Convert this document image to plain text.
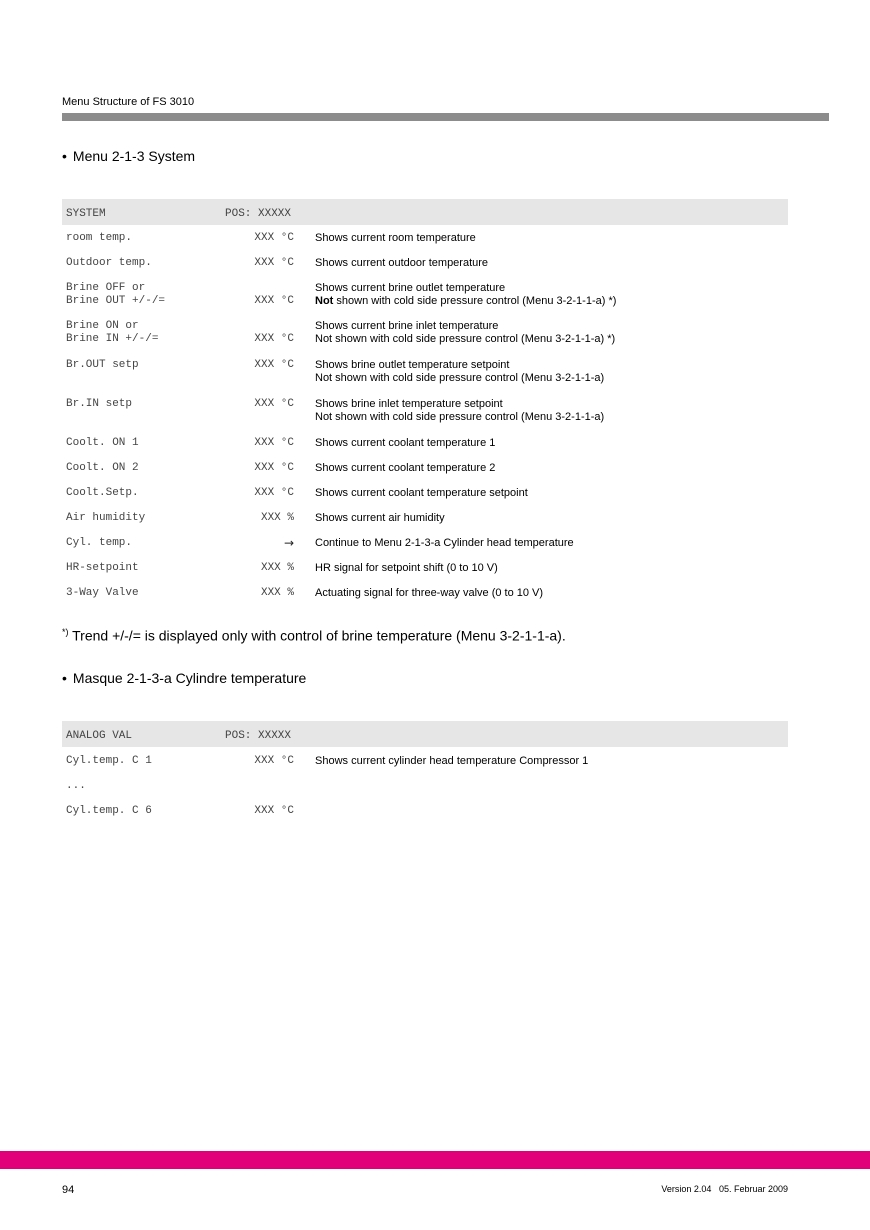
Menu Structure of FS 3010
• Menu 2-1-3 System
SYSTEM	POS: XXXXX
room temp.	XXX °C Shows current room temperature
Outdoor temp.	XXX °C Shows current outdoor temperature
Brine OFF or
Brine OUT +/-/=	XXX °C
Shows current brine outlet temperature
Not shown with cold side pressure control (Menu 3-2-1-1-a) *)
Brine ON or
Brine IN +/-/=	XXX °C
Shows current brine inlet temperature
Not shown with cold side pressure control (Menu 3-2-1-1-a) *)
Br.OUT setp	XXX °C Shows brine outlet temperature setpoint
Not shown with cold side pressure control (Menu 3-2-1-1-a)
Br.IN setp	XXX °C Shows brine inlet temperature setpoint
Not shown with cold side pressure control (Menu 3-2-1-1-a)
Coolt. ON 1	XXX °C Shows current coolant temperature 1
Coolt. ON 2	XXX °C Shows current coolant temperature 2
Coolt.Setp.	XXX °C Shows current coolant temperature setpoint
Air humidity	XXX % Shows current air humidity
Cyl. temp.	→ Continue to Menu 2-1-3-a Cylinder head temperature
HR-setpoint	XXX % HR signal for setpoint shift (0 to 10 V)
3-Way Valve	XXX % Actuating signal for three-way valve (0 to 10 V)
*) Trend +/-/= is displayed only with control of brine temperature (Menu 3-2-1-1-a).
• Masque 2-1-3-a Cylindre temperature
ANALOG VAL	POS: XXXXX
Cyl.temp. C 1	XXX °C Shows current cylinder head temperature Compressor 1
...
Cyl.temp. C 6	XXX °C
94	Version 2.04   05. Februar 2009
